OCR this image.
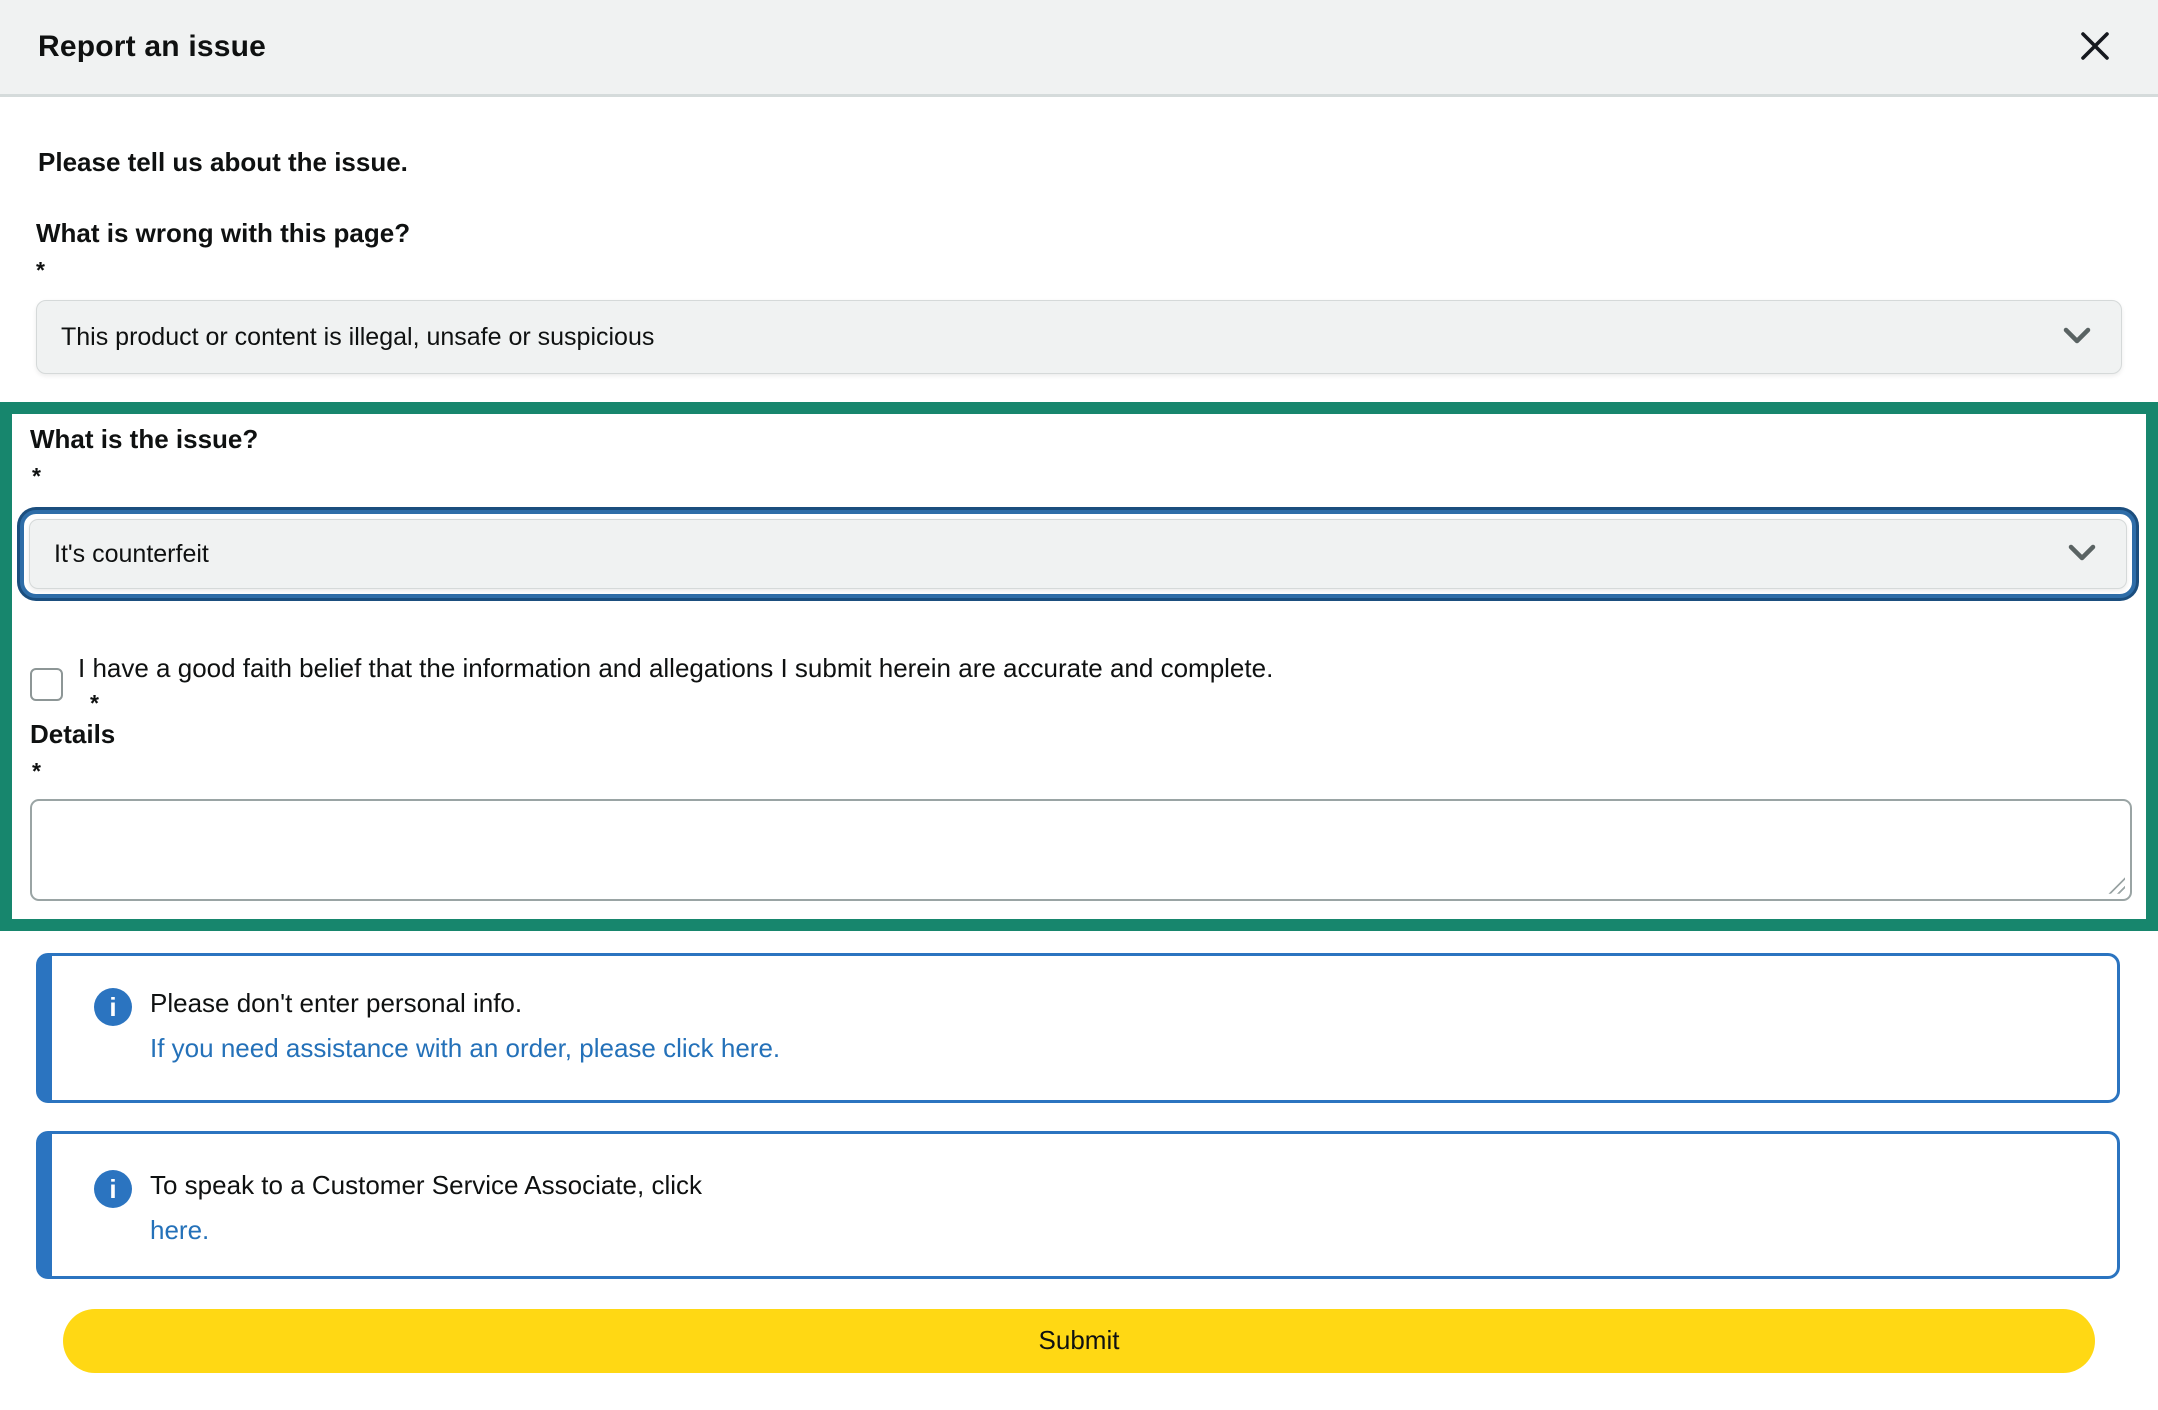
Report an issue
Please tell us about the issue.
What is wrong with this page?
*
This product or content is illegal, unsafe or suspicious
What is the issue?
*
It's counterfeit
I have a good faith belief that the information and allegations I submit herein are accurate and complete.
*
Details
*
i	Please don't enter personal info.
If you need assistance with an order, please click here.
i	To speak to a Customer Service Associate, click
here.
Submit
